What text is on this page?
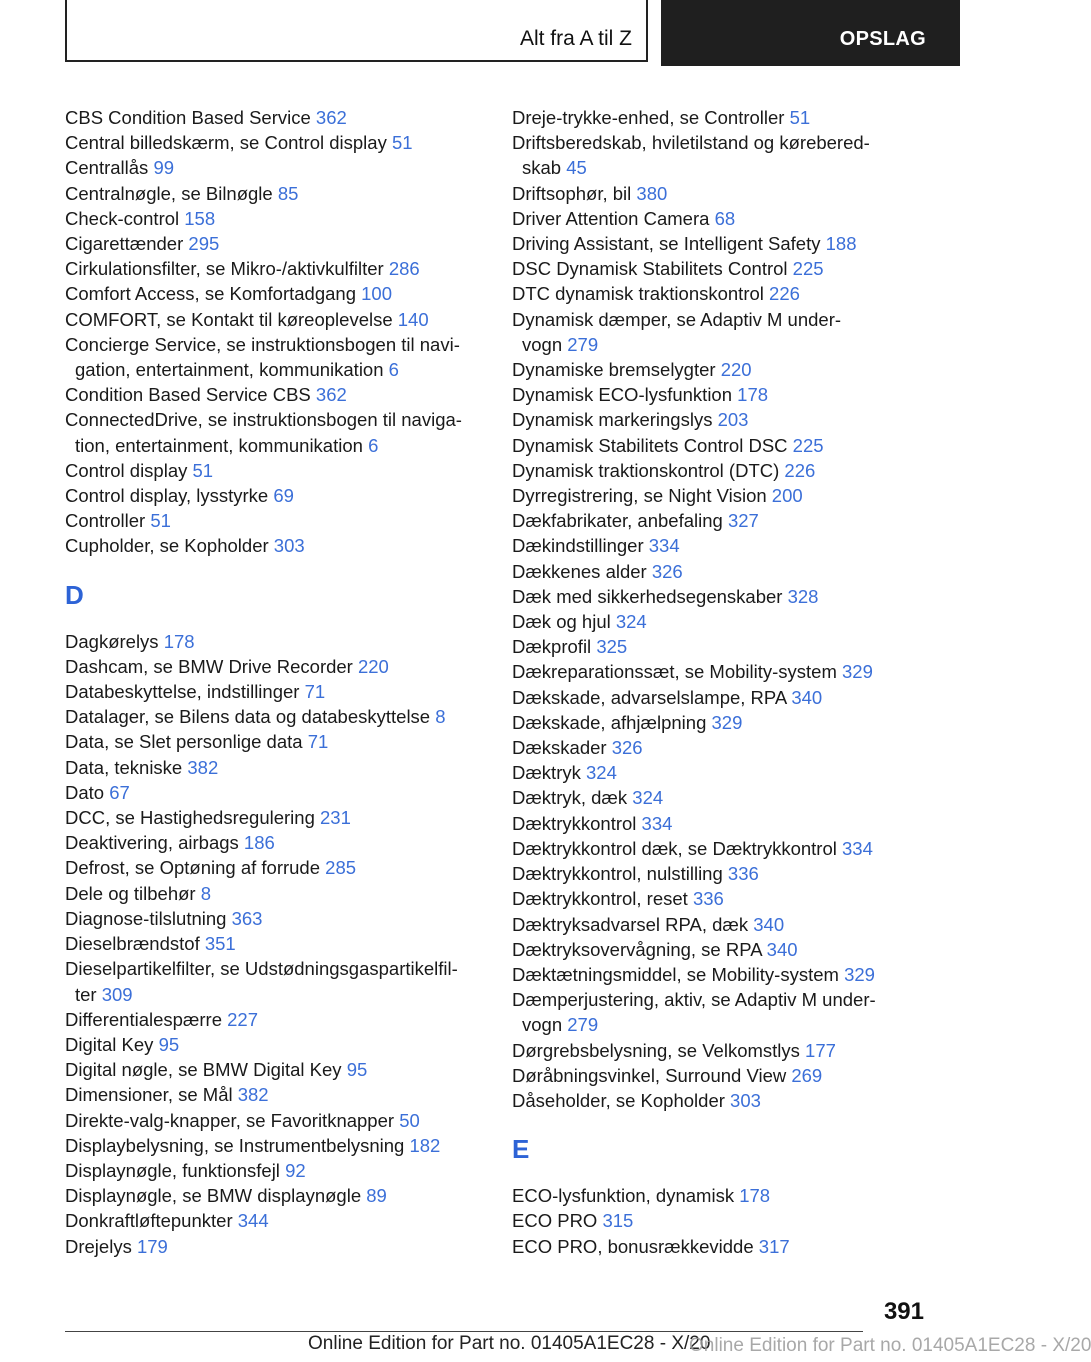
Alt fra A til Z	OPSLAG
CBS Condition Based Service 362
Central billedskærm, se Control display 51
Centrallås 99
Centralnøgle, se Bilnøgle 85
Check-control 158
Cigarettænder 295
Cirkulationsfilter, se Mikro-/aktivkulfilter 286
Comfort Access, se Komfortadgang 100
COMFORT, se Kontakt til køreoplevelse 140
Concierge Service, se instruktionsbogen til navi-
gation, entertainment, kommunikation 6
Condition Based Service CBS 362
ConnectedDrive, se instruktionsbogen til naviga-
tion, entertainment, kommunikation 6
Control display 51
Control display, lysstyrke 69
Controller 51
Cupholder, se Kopholder 303
D
Dagkørelys 178
Dashcam, se BMW Drive Recorder 220
Databeskyttelse, indstillinger 71
Datalager, se Bilens data og databeskyttelse 8
Data, se Slet personlige data 71
Data, tekniske 382
Dato 67
DCC, se Hastighedsregulering 231
Deaktivering, airbags 186
Defrost, se Optøning af forrude 285
Dele og tilbehør 8
Diagnose-tilslutning 363
Dieselbrændstof 351
Dieselpartikelfilter, se Udstødningsgaspartikelfil-
ter 309
Differentialespærre 227
Digital Key 95
Digital nøgle, se BMW Digital Key 95
Dimensioner, se Mål 382
Direkte-valg-knapper, se Favoritknapper 50
Displaybelysning, se Instrumentbelysning 182
Displaynøgle, funktionsfejl 92
Displaynøgle, se BMW displaynøgle 89
Donkraftløftepunkter 344
Drejelys 179
Dreje-trykke-enhed, se Controller 51
Driftsberedskab, hviletilstand og kørebered-
skab 45
Driftsophør, bil 380
Driver Attention Camera 68
Driving Assistant, se Intelligent Safety 188
DSC Dynamisk Stabilitets Control 225
DTC dynamisk traktionskontrol 226
Dynamisk dæmper, se Adaptiv M under-
vogn 279
Dynamiske bremselygter 220
Dynamisk ECO-lysfunktion 178
Dynamisk markeringslys 203
Dynamisk Stabilitets Control DSC 225
Dynamisk traktionskontrol (DTC) 226
Dyrregistrering, se Night Vision 200
Dækfabrikater, anbefaling 327
Dækindstillinger 334
Dækkenes alder 326
Dæk med sikkerhedsegenskaber 328
Dæk og hjul 324
Dækprofil 325
Dækreparationssæt, se Mobility-system 329
Dækskade, advarselslampe, RPA 340
Dækskade, afhjælpning 329
Dækskader 326
Dæktryk 324
Dæktryk, dæk 324
Dæktrykkontrol 334
Dæktrykkontrol dæk, se Dæktrykkontrol 334
Dæktrykkontrol, nulstilling 336
Dæktrykkontrol, reset 336
Dæktryksadvarsel RPA, dæk 340
Dæktryksovervågning, se RPA 340
Dæktætningsmiddel, se Mobility-system 329
Dæmperjustering, aktiv, se Adaptiv M under-
vogn 279
Dørgrebsbelysning, se Velkomstlys 177
Døråbningsvinkel, Surround View 269
Dåseholder, se Kopholder 303
E
ECO-lysfunktion, dynamisk 178
ECO PRO 315
ECO PRO, bonusrækkevidde 317
391
Online Edition for Part no. 01405A1EC28 - X/20
Online Edition for Part no. 01405A1EC28 - X/20
